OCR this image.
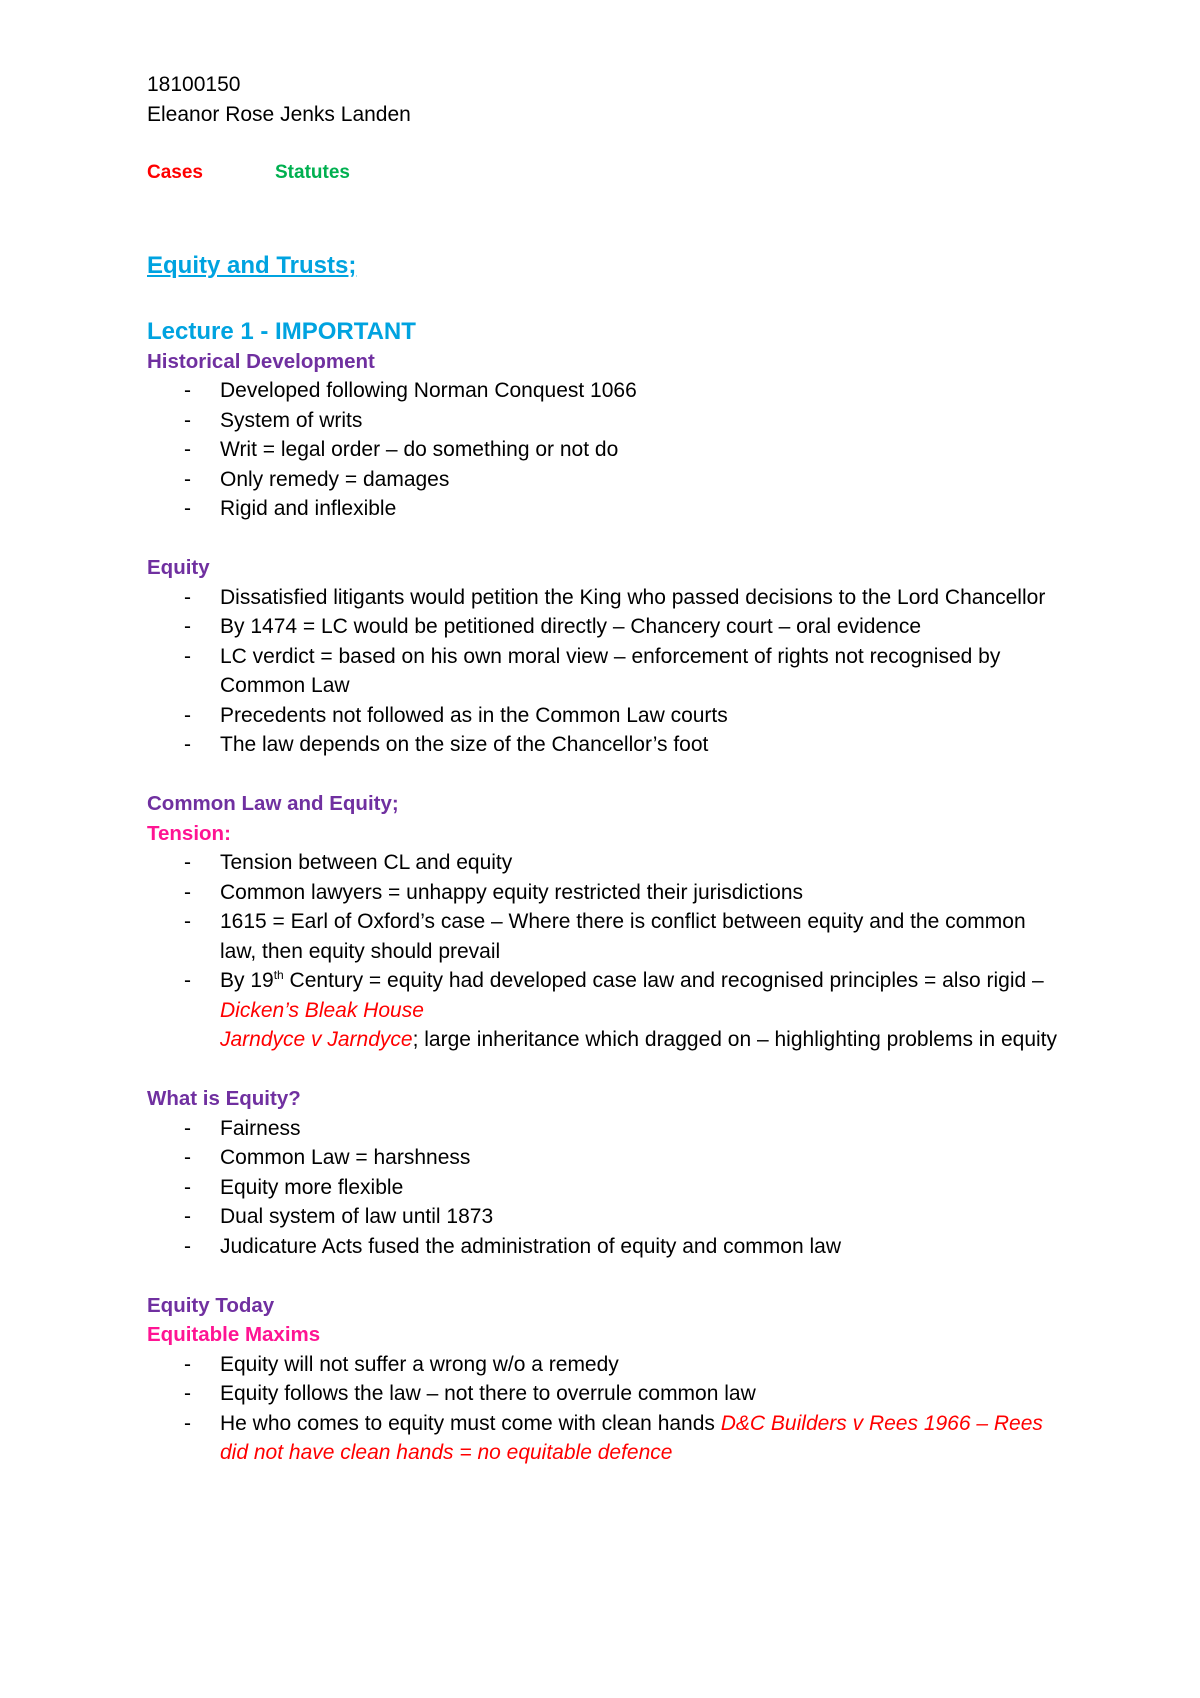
18100150

Eleanor Rose Jenks Landen

Cases	Statutes
Equity and Trusts;
Lecture 1 - IMPORTANT
Historical Development
- Developed following Norman Conquest 1066
- System of writs
- Writ = legal order – do something or not do
- Only remedy = damages
- Rigid and inflexible
Equity
- Dissatisfied litigants would petition the King who passed decisions to the Lord Chancellor
- By 1474 = LC would be petitioned directly – Chancery court – oral evidence
- LC verdict = based on his own moral view – enforcement of rights not recognised by Common Law
- Precedents not followed as in the Common Law courts
- The law depends on the size of the Chancellor’s foot
Common Law and Equity;
Tension:
- Tension between CL and equity
- Common lawyers = unhappy equity restricted their jurisdictions
- 1615 = Earl of Oxford’s case – Where there is conflict between equity and the common law, then equity should prevail
- By 19th Century = equity had developed case law and recognised principles = also rigid – Dicken’s Bleak House
Jarndyce v Jarndyce; large inheritance which dragged on – highlighting problems in equity
What is Equity?
- Fairness
- Common Law = harshness
- Equity more flexible
- Dual system of law until 1873
- Judicature Acts fused the administration of equity and common law
Equity Today
Equitable Maxims
- Equity will not suffer a wrong w/o a remedy
- Equity follows the law – not there to overrule common law
- He who comes to equity must come with clean hands D&C Builders v Rees 1966 – Rees did not have clean hands = no equitable defence
